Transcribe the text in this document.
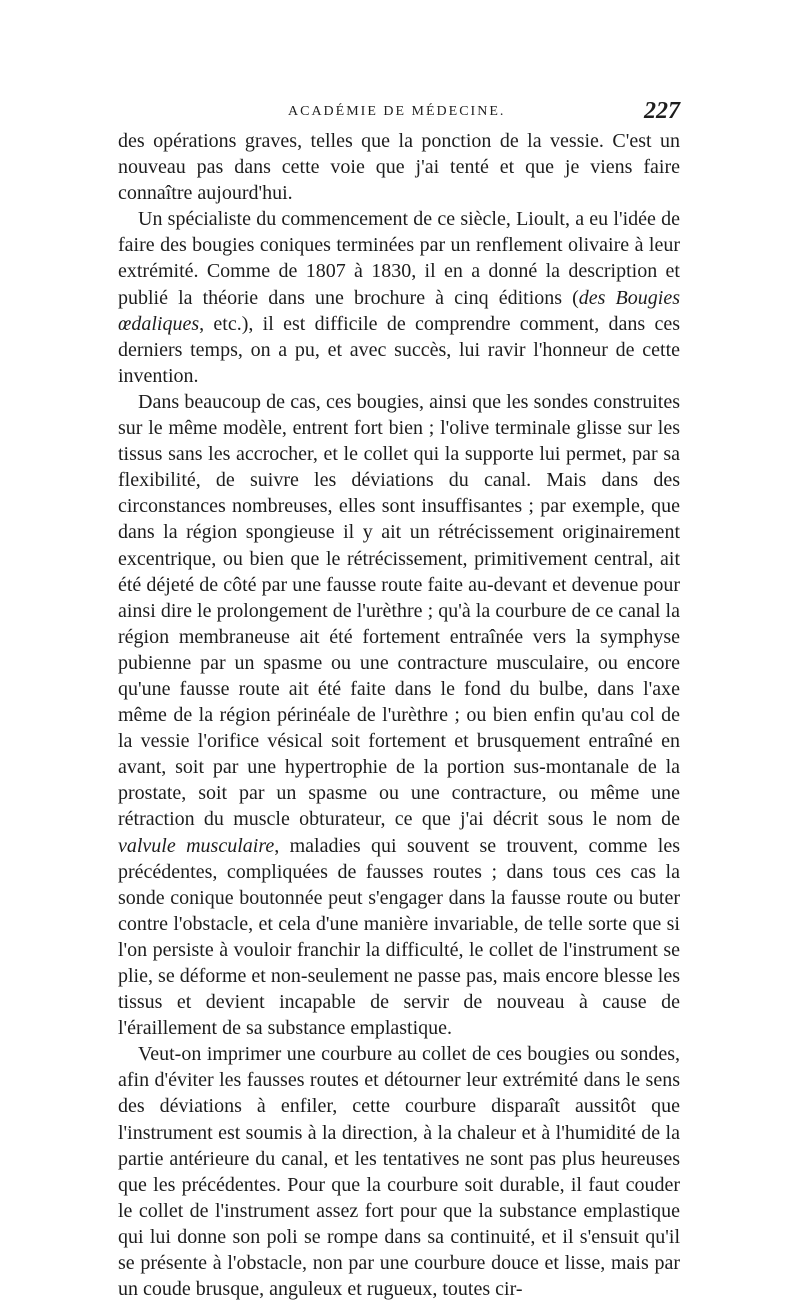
ACADÉMIE DE MÉDECINE.	227

des opérations graves, telles que la ponction de la vessie. C'est un nouveau pas dans cette voie que j'ai tenté et que je viens faire connaître aujourd'hui.

Un spécialiste du commencement de ce siècle, Lioult, a eu l'idée de faire des bougies coniques terminées par un renflement olivaire à leur extrémité. Comme de 1807 à 1830, il en a donné la description et publié la théorie dans une brochure à cinq éditions (des Bougies œdaliques, etc.), il est difficile de comprendre comment, dans ces derniers temps, on a pu, et avec succès, lui ravir l'honneur de cette invention.

Dans beaucoup de cas, ces bougies, ainsi que les sondes construites sur le même modèle, entrent fort bien ; l'olive terminale glisse sur les tissus sans les accrocher, et le collet qui la supporte lui permet, par sa flexibilité, de suivre les déviations du canal. Mais dans des circonstances nombreuses, elles sont insuffisantes ; par exemple, que dans la région spongieuse il y ait un rétrécissement originairement excentrique, ou bien que le rétrécissement, primitivement central, ait été déjeté de côté par une fausse route faite au-devant et devenue pour ainsi dire le prolongement de l'urèthre ; qu'à la courbure de ce canal la région membraneuse ait été fortement entraînée vers la symphyse pubienne par un spasme ou une contracture musculaire, ou encore qu'une fausse route ait été faite dans le fond du bulbe, dans l'axe même de la région périnéale de l'urèthre ; ou bien enfin qu'au col de la vessie l'orifice vésical soit fortement et brusquement entraîné en avant, soit par une hypertrophie de la portion sus-montanale de la prostate, soit par un spasme ou une contracture, ou même une rétraction du muscle obturateur, ce que j'ai décrit sous le nom de valvule musculaire, maladies qui souvent se trouvent, comme les précédentes, compliquées de fausses routes ; dans tous ces cas la sonde conique boutonnée peut s'engager dans la fausse route ou buter contre l'obstacle, et cela d'une manière invariable, de telle sorte que si l'on persiste à vouloir franchir la difficulté, le collet de l'instrument se plie, se déforme et non-seulement ne passe pas, mais encore blesse les tissus et devient incapable de servir de nouveau à cause de l'éraillement de sa substance emplastique.

Veut-on imprimer une courbure au collet de ces bougies ou sondes, afin d'éviter les fausses routes et détourner leur extrémité dans le sens des déviations à enfiler, cette courbure disparaît aussitôt que l'instrument est soumis à la direction, à la chaleur et à l'humidité de la partie antérieure du canal, et les tentatives ne sont pas plus heureuses que les précédentes. Pour que la courbure soit durable, il faut couder le collet de l'instrument assez fort pour que la substance emplastique qui lui donne son poli se rompe dans sa continuité, et il s'ensuit qu'il se présente à l'obstacle, non par une courbure douce et lisse, mais par un coude brusque, anguleux et rugueux, toutes cir-
